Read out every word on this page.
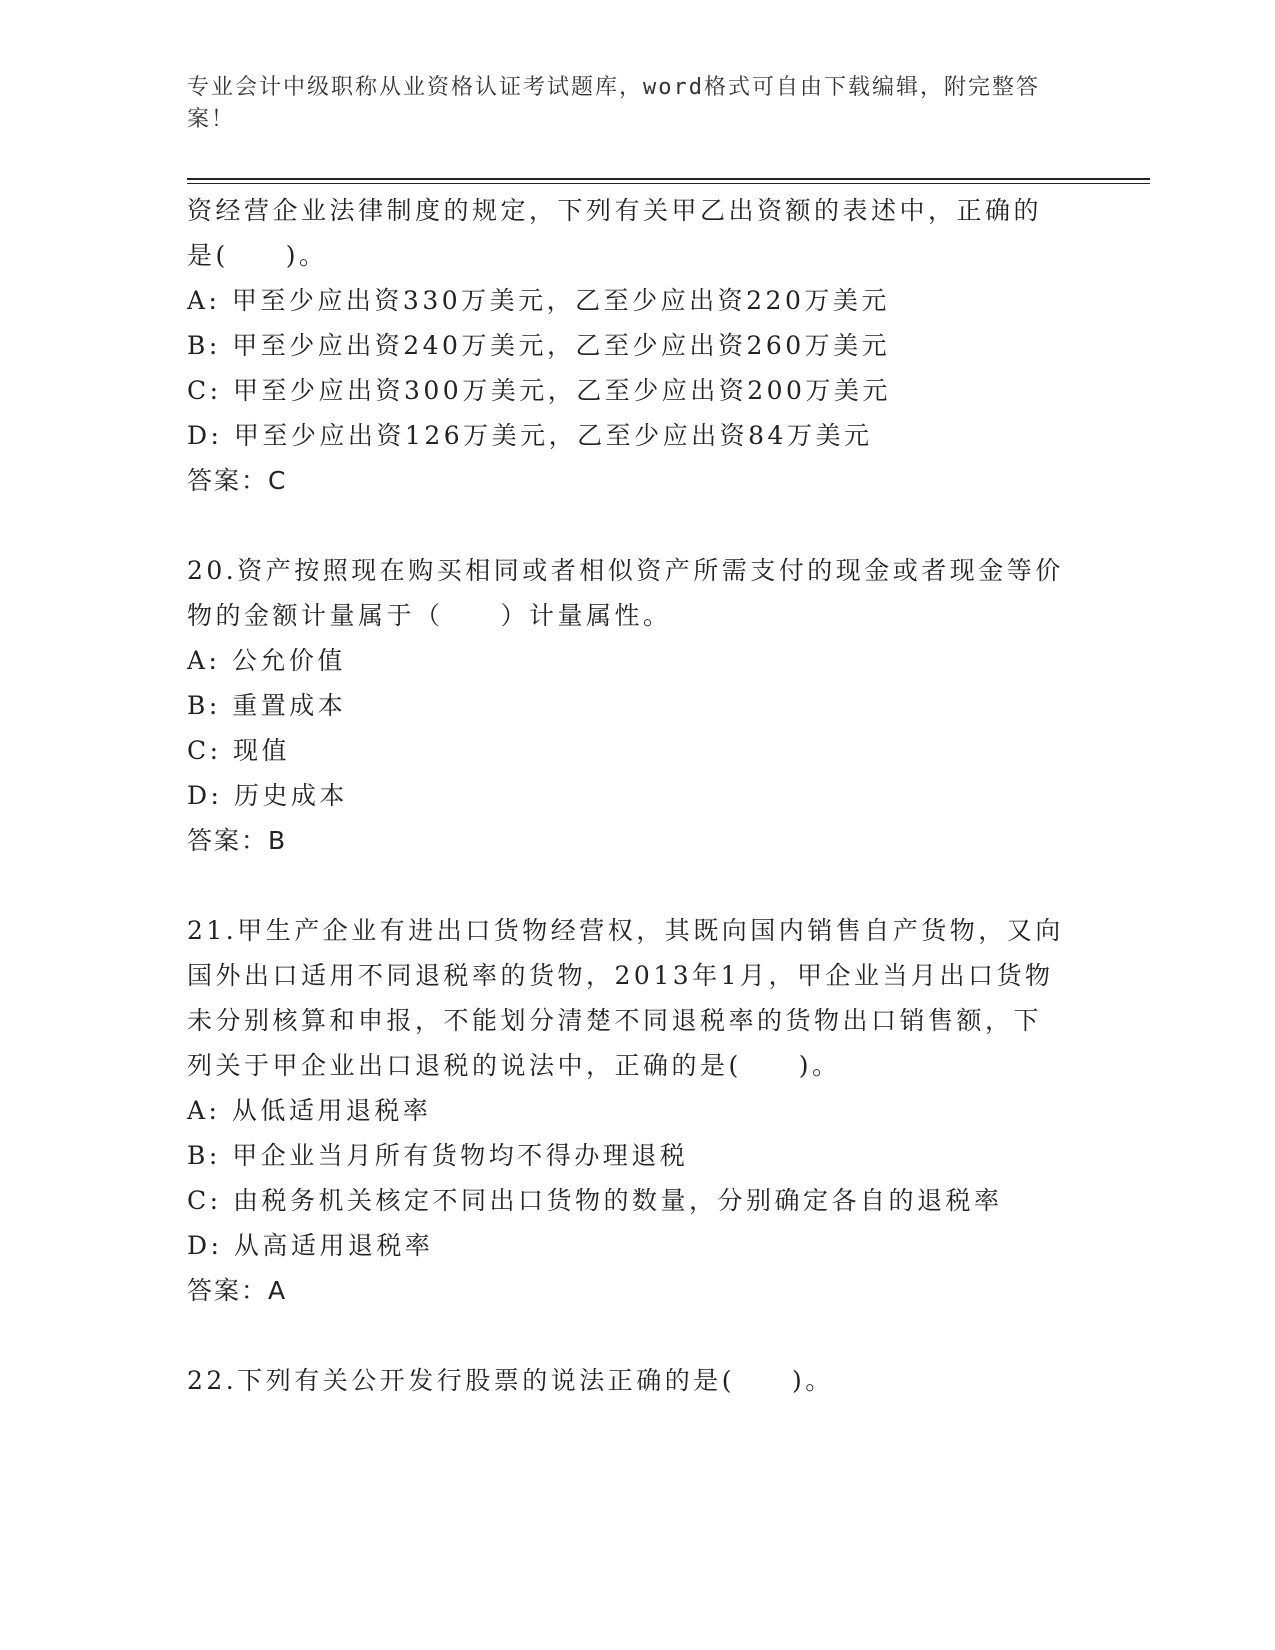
专业会计中级职称从业资格认证考试题库，word格式可自由下载编辑，附完整答案！
资经营企业法律制度的规定，下列有关甲乙出资额的表述中，正确的
是(　　)。
A: 甲至少应出资330万美元，乙至少应出资220万美元
B: 甲至少应出资240万美元，乙至少应出资260万美元
C: 甲至少应出资300万美元，乙至少应出资200万美元
D: 甲至少应出资126万美元，乙至少应出资84万美元
答案：C
20.资产按照现在购买相同或者相似资产所需支付的现金或者现金等价
物的金额计量属于（　　）计量属性。
A: 公允价值
B: 重置成本
C: 现值
D: 历史成本
答案：B
21.甲生产企业有进出口货物经营权，其既向国内销售自产货物，又向
国外出口适用不同退税率的货物，2013年1月，甲企业当月出口货物
未分别核算和申报，不能划分清楚不同退税率的货物出口销售额，下
列关于甲企业出口退税的说法中，正确的是(　　)。
A: 从低适用退税率
B: 甲企业当月所有货物均不得办理退税
C: 由税务机关核定不同出口货物的数量，分别确定各自的退税率
D: 从高适用退税率
答案：A
22.下列有关公开发行股票的说法正确的是(　　)。
